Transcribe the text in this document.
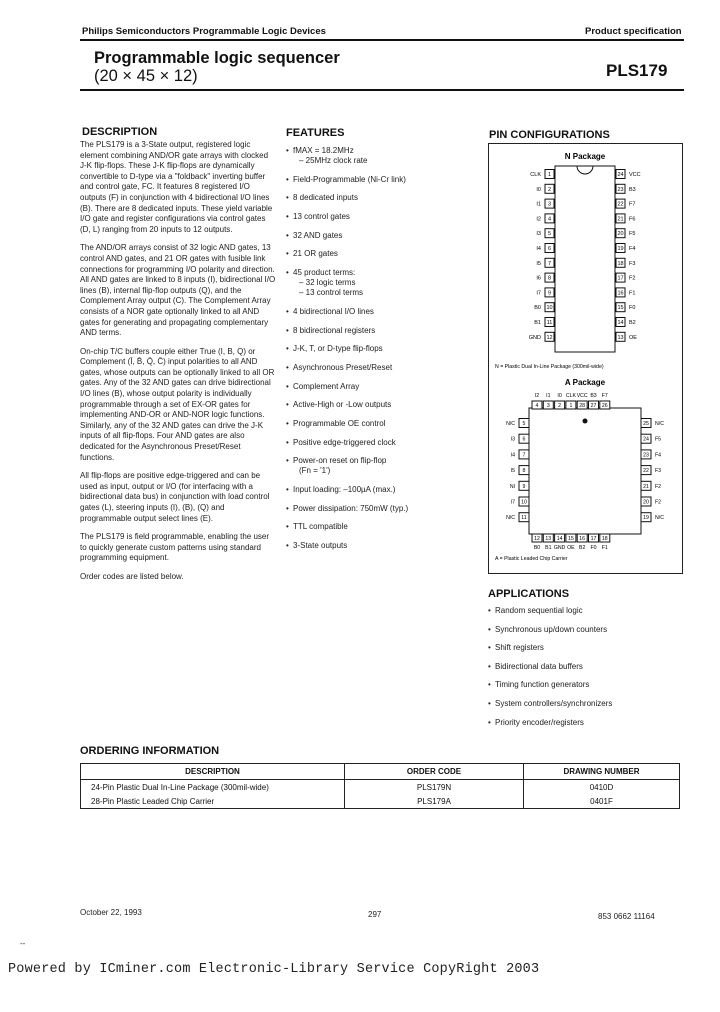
Philips Semiconductors Programmable Logic Devices	Product specification
Programmable logic sequencer
(20 × 45 × 12)	PLS179
DESCRIPTION

The PLS179 is a 3-State output, registered logic element combining AND/OR gate arrays with clocked J-K flip-flops. These J-K flip-flops are dynamically convertible to D-type via a "foldback" inverting buffer and control gate, FC. It features 8 registered I/O outputs (F) in conjunction with 4 bidirectional I/O lines (B). There are 8 dedicated inputs. These yield variable I/O gate and register configurations via control gates (D, L) ranging from 20 inputs to 12 outputs.

The AND/OR arrays consist of 32 logic AND gates, 13 control AND gates, and 21 OR gates with fusible link connections for programming I/O polarity and direction. All AND gates are linked to 8 inputs (I), bidirectional I/O lines (B), internal flip-flop outputs (Q), and the Complement Array output (C). The Complement Array consists of a NOR gate optionally linked to all AND gates for generating and propagating complementary AND terms.

On-chip T/C buffers couple either True (I, B, Q) or Complement (Ī, B̄, Q̄, C̄) input polarities to all AND gates, whose outputs can be optionally linked to all OR gates. Any of the 32 AND gates can drive bidirectional I/O lines (B), whose output polarity is individually programmable through a set of EX-OR gates for implementing AND-OR or AND-NOR logic functions. Similarly, any of the 32 AND gates can drive the J-K inputs of all flip-flops. Four AND gates are also dedicated for the Asynchronous Preset/Reset functions.

All flip-flops are positive edge-triggered and can be used as input, output or I/O (for interfacing with a bidirectional data bus) in conjunction with load control gates (L), steering inputs (I), (B), (Q) and programmable output select lines (E).

The PLS179 is field programmable, enabling the user to quickly generate custom patterns using standard programming equipment.

Order codes are listed below.

FEATURES
• fMAX = 18.2MHz
– 25MHz clock rate
• Field-Programmable (Ni-Cr link)
• 8 dedicated inputs
• 13 control gates
• 32 AND gates
• 21 OR gates
• 45 product terms:
– 32 logic terms
– 13 control terms
• 4 bidirectional I/O lines
• 8 bidirectional registers
• J-K, T, or D-type flip-flops
• Asynchronous Preset/Reset
• Complement Array
• Active-High or -Low outputs
• Programmable OE control
• Positive edge-triggered clock
• Power-on reset on flip-flop
(Fn = '1')
• Input loading: –100µA (max.)
• Power dissipation: 750mW (typ.)
• TTL compatible
• 3-State outputs
PIN CONFIGURATIONS
N Package
1
CLK
2
I0
3
I1
4
I2
5
I3
6
I4
7
I5
8
I6
9
I7
10
B0
11
B1
12
GND
24 VCC
23 B3
22 F7
21 F6
20 F5
19 F4
18 F3
17 F2
16 F1
15 F0
14 B2
13 OE
N = Plastic Dual In-Line Package (300mil-wide)
A Package
I2 I1 I0 CLK VCC B3 F7
4 3 2 1 28 27 26
5
N/C
6
I3
7
I4
8
I5
9
NI
10
I7
11
N/C
25 N/C
24 F5
23 F4
22 F3
21 F2
20 F2
19 N/C
12 13 14 15 16 17 18
B0 B1 GND OE B2 F0 F1
A = Plastic Leaded Chip Carrier
APPLICATIONS
• Random sequential logic
• Synchronous up/down counters
• Shift registers
• Bidirectional data buffers
• Timing function generators
• System controllers/synchronizers
• Priority encoder/registers
ORDERING INFORMATION
DESCRIPTION	ORDER CODE	DRAWING NUMBER
24-Pin Plastic Dual In-Line Package (300mil-wide)	PLS179N	0410D
28-Pin Plastic Leaded Chip Carrier	PLS179A	0401F
October 22, 1993	297	853 0662 11164
--
Powered by ICminer.com Electronic-Library Service CopyRight 2003
